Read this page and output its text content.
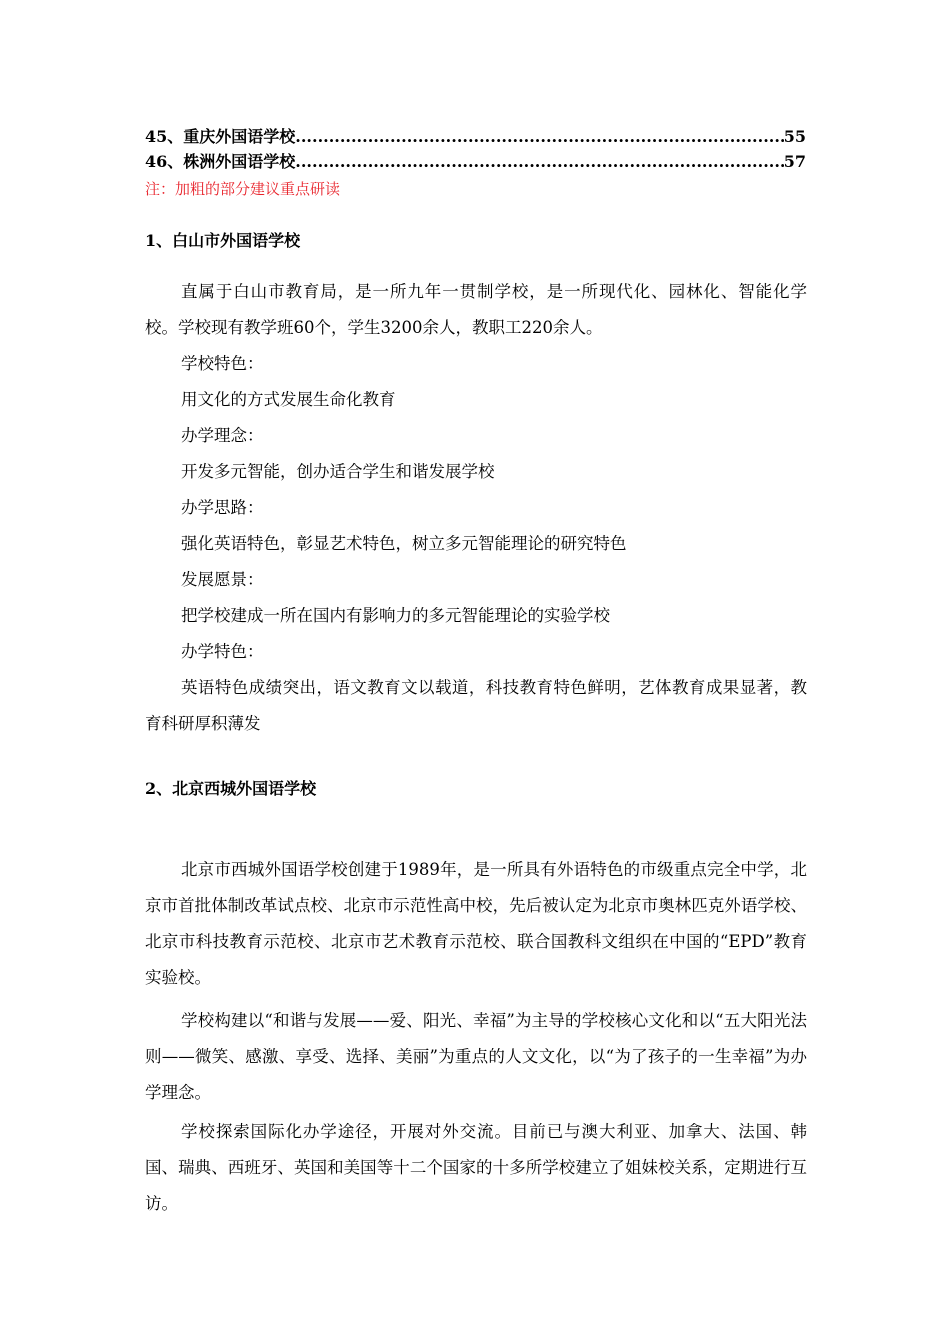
45、重庆外国语学校 .....	55
46、株洲外国语学校 .....	57
注：加粗的部分建议重点研读
1、白山市外国语学校

直属于白山市教育局，是一所九年一贯制学校，是一所现代化、园林化、智能化学校。学校现有教学班60个，学生3200余人，教职工220余人。

学校特色：

用文化的方式发展生命化教育

办学理念：

开发多元智能，创办适合学生和谐发展学校

办学思路：

强化英语特色，彰显艺术特色，树立多元智能理论的研究特色

发展愿景：

把学校建成一所在国内有影响力的多元智能理论的实验学校

办学特色：

英语特色成绩突出，语文教育文以载道，科技教育特色鲜明，艺体教育成果显著，教育科研厚积薄发

2、北京西城外国语学校

北京市西城外国语学校创建于1989年，是一所具有外语特色的市级重点完全中学，北京市首批体制改革试点校、北京市示范性高中校，先后被认定为北京市奥林匹克外语学校、北京市科技教育示范校、北京市艺术教育示范校、联合国教科文组织在中国的“EPD”教育实验校。

学校构建以“和谐与发展——爱、阳光、幸福”为主导的学校核心文化和以“五大阳光法则——微笑、感激、享受、选择、美丽”为重点的人文文化，以“为了孩子的一生幸福”为办学理念。

学校探索国际化办学途径，开展对外交流。目前已与澳大利亚、加拿大、法国、韩国、瑞典、西班牙、英国和美国等十二个国家的十多所学校建立了姐妹校关系，定期进行互访。
